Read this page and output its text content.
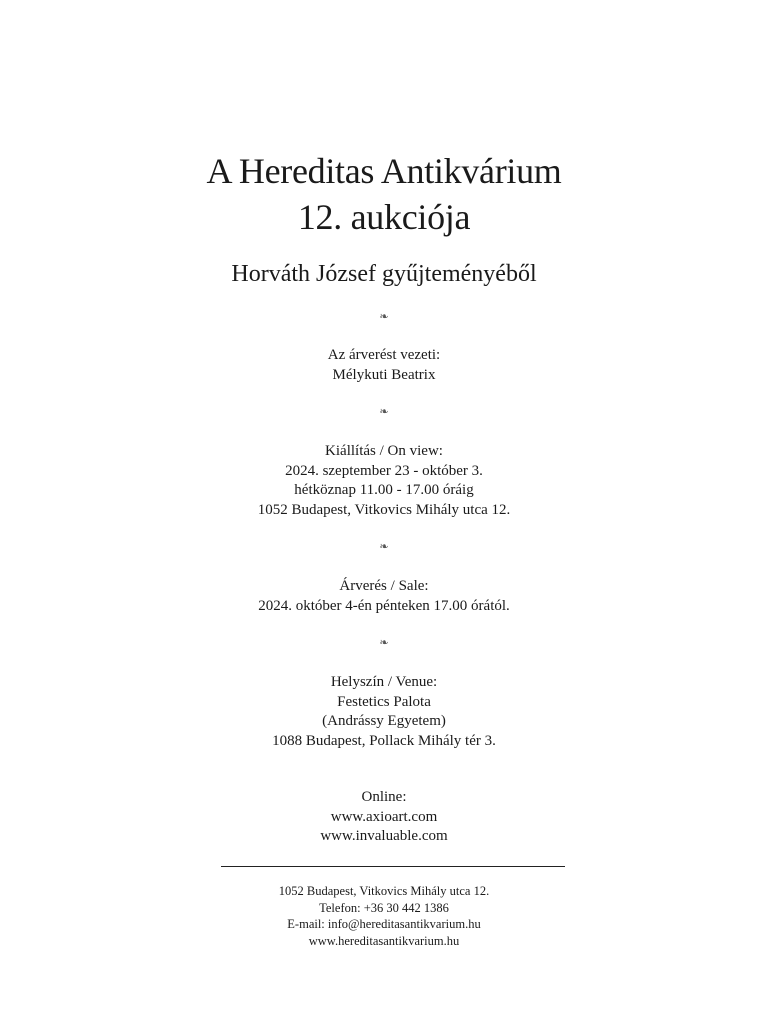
A Hereditas Antikvárium
12. aukciója
Horváth József gyűjteményéből
❧
Az árverést vezeti:
Mélykuti Beatrix
❧
Kiállítás / On view:
2024. szeptember 23 - október 3.
hétköznap 11.00 - 17.00 óráig
1052 Budapest, Vitkovics Mihály utca 12.
❧
Árverés / Sale:
2024. október 4-én pénteken 17.00 órától.
❧
Helyszín / Venue:
Festetics Palota
(Andrássy Egyetem)
1088 Budapest, Pollack Mihály tér 3.
Online:
www.axioart.com
www.invaluable.com
1052 Budapest, Vitkovics Mihály utca 12.
Telefon: +36 30 442 1386
E-mail: info@hereditasantikvarium.hu
www.hereditasantikvarium.hu
